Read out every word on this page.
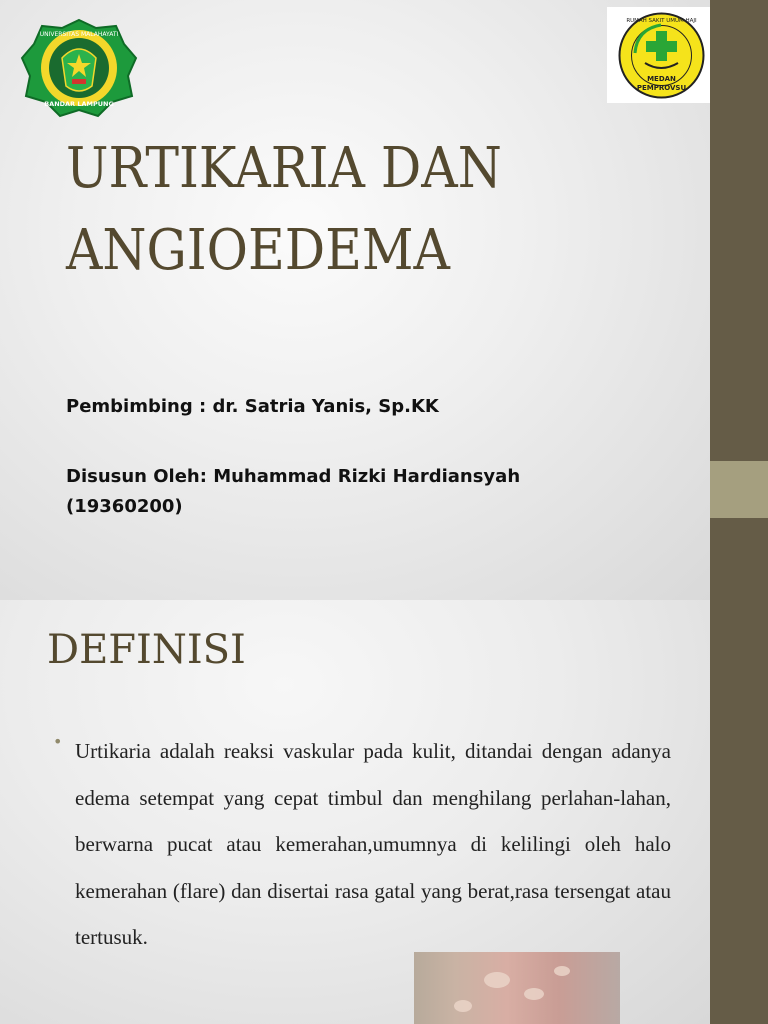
UNIVERSITAS MALAHAYATI
BANDAR LAMPUNG
MEDAN
PEMPROVSU
RUMAH SAKIT UMUM HAJI
URTIKARIA DAN
ANGIOEDEMA
Pembimbing : dr. Satria Yanis, Sp.KK
Disusun Oleh: Muhammad Rizki Hardiansyah
(19360200)
DEFINISI
• Urtikaria adalah reaksi vaskular pada kulit, ditandai dengan adanya edema setempat yang cepat timbul dan menghilang perlahan-lahan, berwarna pucat atau kemerahan,umumnya di kelilingi oleh halo kemerahan (flare) dan disertai rasa gatal yang berat,rasa tersengat atau tertusuk.
